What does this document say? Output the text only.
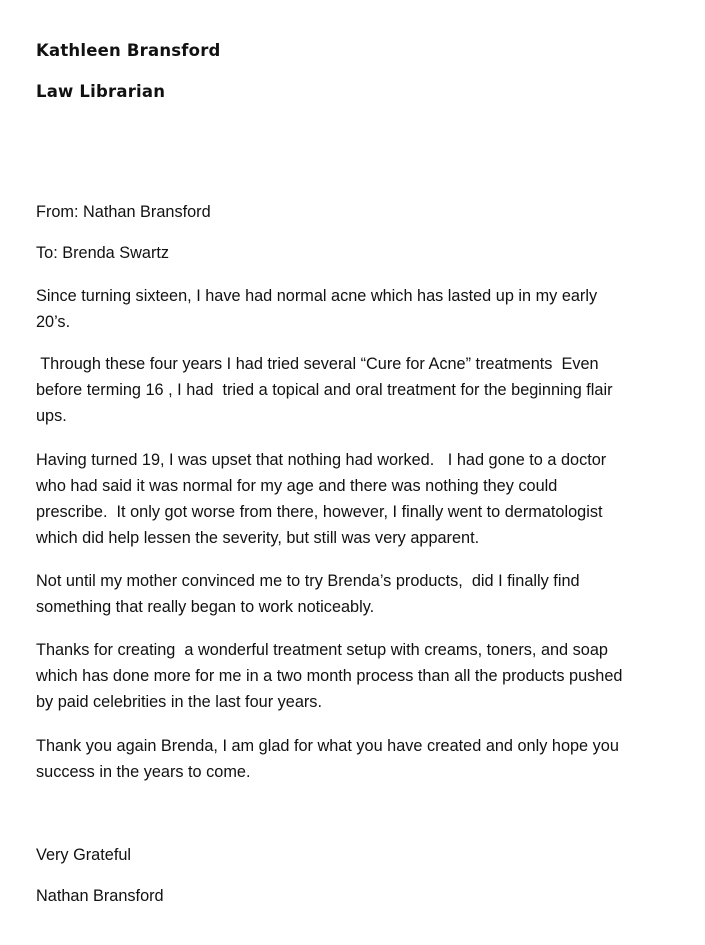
Kathleen Bransford
Law Librarian
From: Nathan Bransford
To: Brenda Swartz

Since turning sixteen, I have had normal acne which has lasted up in my early

20’s.

Through these four years I had tried several “Cure for Acne” treatments  Even

before terming 16 , I had  tried a topical and oral treatment for the beginning flair

ups.

Having turned 19, I was upset that nothing had worked.   I had gone to a doctor

who had said it was normal for my age and there was nothing they could

prescribe.  It only got worse from there, however, I finally went to dermatologist

which did help lessen the severity, but still was very apparent.

Not until my mother convinced me to try Brenda’s products,  did I finally find

something that really began to work noticeably.

Thanks for creating  a wonderful treatment setup with creams, toners, and soap

which has done more for me in a two month process than all the products pushed

by paid celebrities in the last four years.

Thank you again Brenda, I am glad for what you have created and only hope you

success in the years to come.

Very Grateful
Nathan Bransford
